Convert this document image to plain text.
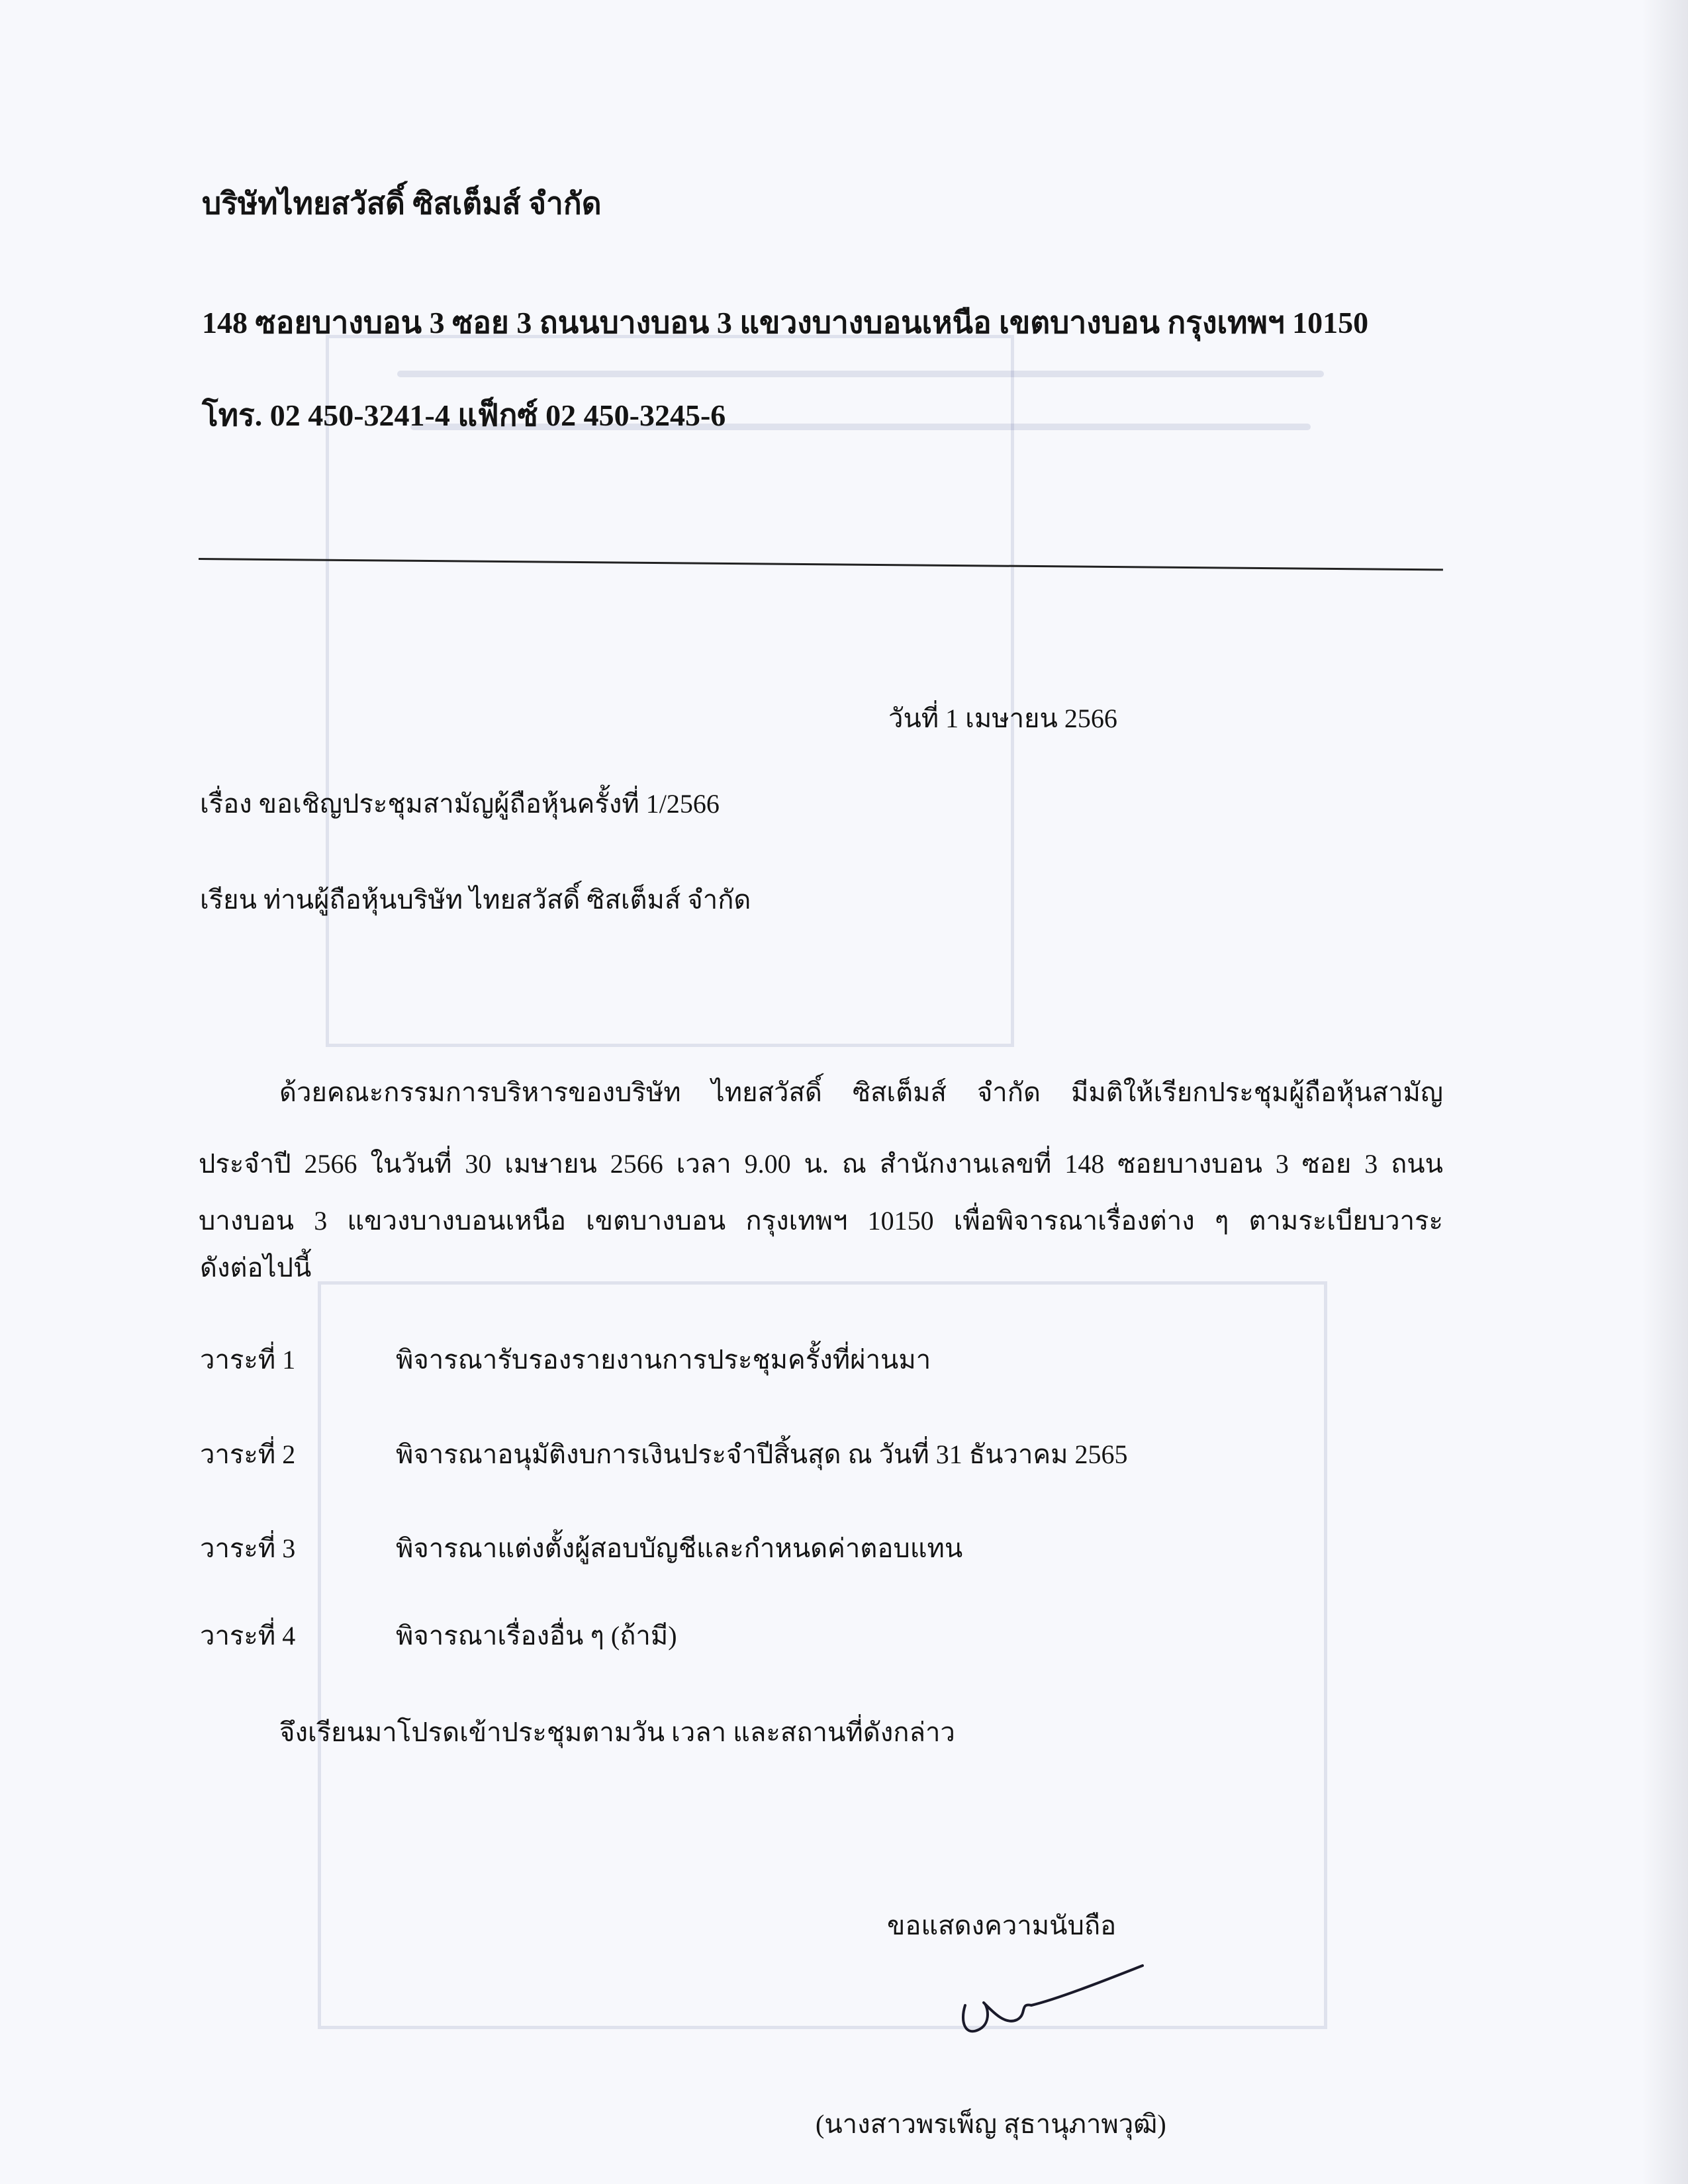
บริษัทไทยสวัสดิ์ ซิสเต็มส์ จำกัด
148 ซอยบางบอน 3 ซอย 3 ถนนบางบอน 3 แขวงบางบอนเหนือ เขตบางบอน กรุงเทพฯ 10150
โทร. 02 450-3241-4 แฟ็กซ์ 02 450-3245-6
วันที่ 1 เมษายน 2566
เรื่อง ขอเชิญประชุมสามัญผู้ถือหุ้นครั้งที่ 1/2566
เรียน ท่านผู้ถือหุ้นบริษัท ไทยสวัสดิ์ ซิสเต็มส์ จำกัด
ด้วยคณะกรรมการบริหารของบริษัท ไทยสวัสดิ์ ซิสเต็มส์ จำกัด มีมติให้เรียกประชุมผู้ถือหุ้นสามัญ
ประจำปี 2566 ในวันที่ 30 เมษายน 2566 เวลา 9.00 น. ณ สำนักงานเลขที่ 148 ซอยบางบอน 3 ซอย 3 ถนน
บางบอน 3 แขวงบางบอนเหนือ เขตบางบอน กรุงเทพฯ 10150 เพื่อพิจารณาเรื่องต่าง ๆ ตามระเบียบวาระ
ดังต่อไปนี้
วาระที่ 1	พิจารณารับรองรายงานการประชุมครั้งที่ผ่านมา
วาระที่ 2	พิจารณาอนุมัติงบการเงินประจำปีสิ้นสุด ณ วันที่ 31 ธันวาคม 2565
วาระที่ 3	พิจารณาแต่งตั้งผู้สอบบัญชีและกำหนดค่าตอบแทน
วาระที่ 4	พิจารณาเรื่องอื่น ๆ (ถ้ามี)
จึงเรียนมาโปรดเข้าประชุมตามวัน เวลา และสถานที่ดังกล่าว
ขอแสดงความนับถือ
(นางสาวพรเพ็ญ สุธานุภาพวุฒิ)
